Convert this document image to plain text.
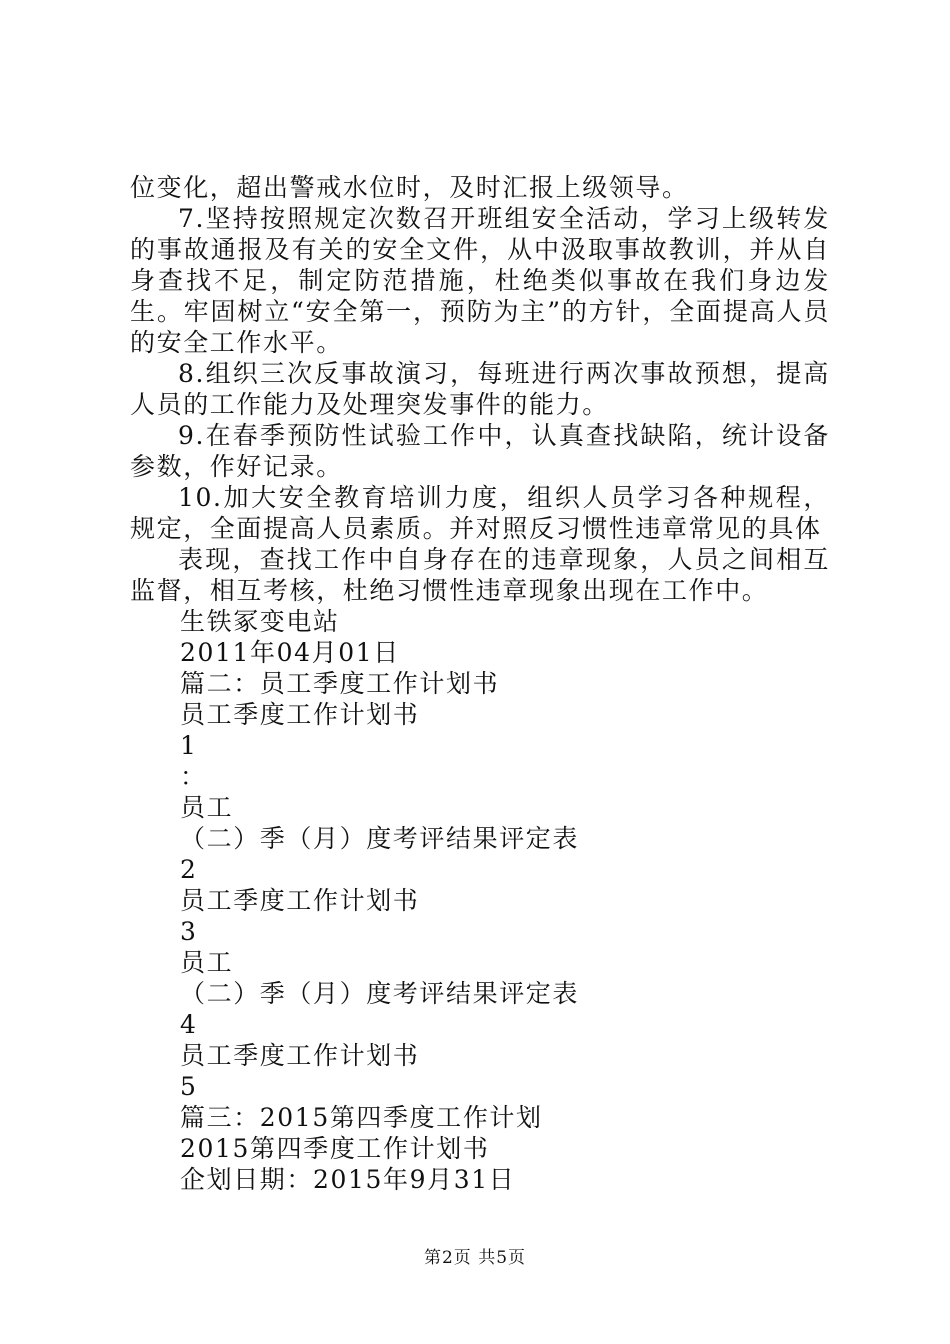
位变化，超出警戒水位时，及时汇报上级领导。

7.坚持按照规定次数召开班组安全活动，学习上级转发的事故通报及有关的安全文件，从中汲取事故教训，并从自身查找不足，制定防范措施，杜绝类似事故在我们身边发生。牢固树立“安全第一，预防为主”的方针，全面提高人员的安全工作水平。

8.组织三次反事故演习，每班进行两次事故预想，提高人员的工作能力及处理突发事件的能力。

9.在春季预防性试验工作中，认真查找缺陷，统计设备参数，作好记录。

10.加大安全教育培训力度，组织人员学习各种规程，规定，全面提高人员素质。并对照反习惯性违章常见的具体

表现，查找工作中自身存在的违章现象，人员之间相互监督，相互考核，杜绝习惯性违章现象出现在工作中。

生铁冢变电站

2011年04月01日

篇二：员工季度工作计划书

员工季度工作计划书

1

：

员工

（二）季（月）度考评结果评定表

2

员工季度工作计划书

3

员工

（二）季（月）度考评结果评定表

4

员工季度工作计划书

5

篇三：2015第四季度工作计划

2015第四季度工作计划书

企划日期：2015年9月31日

第2页 共5页
